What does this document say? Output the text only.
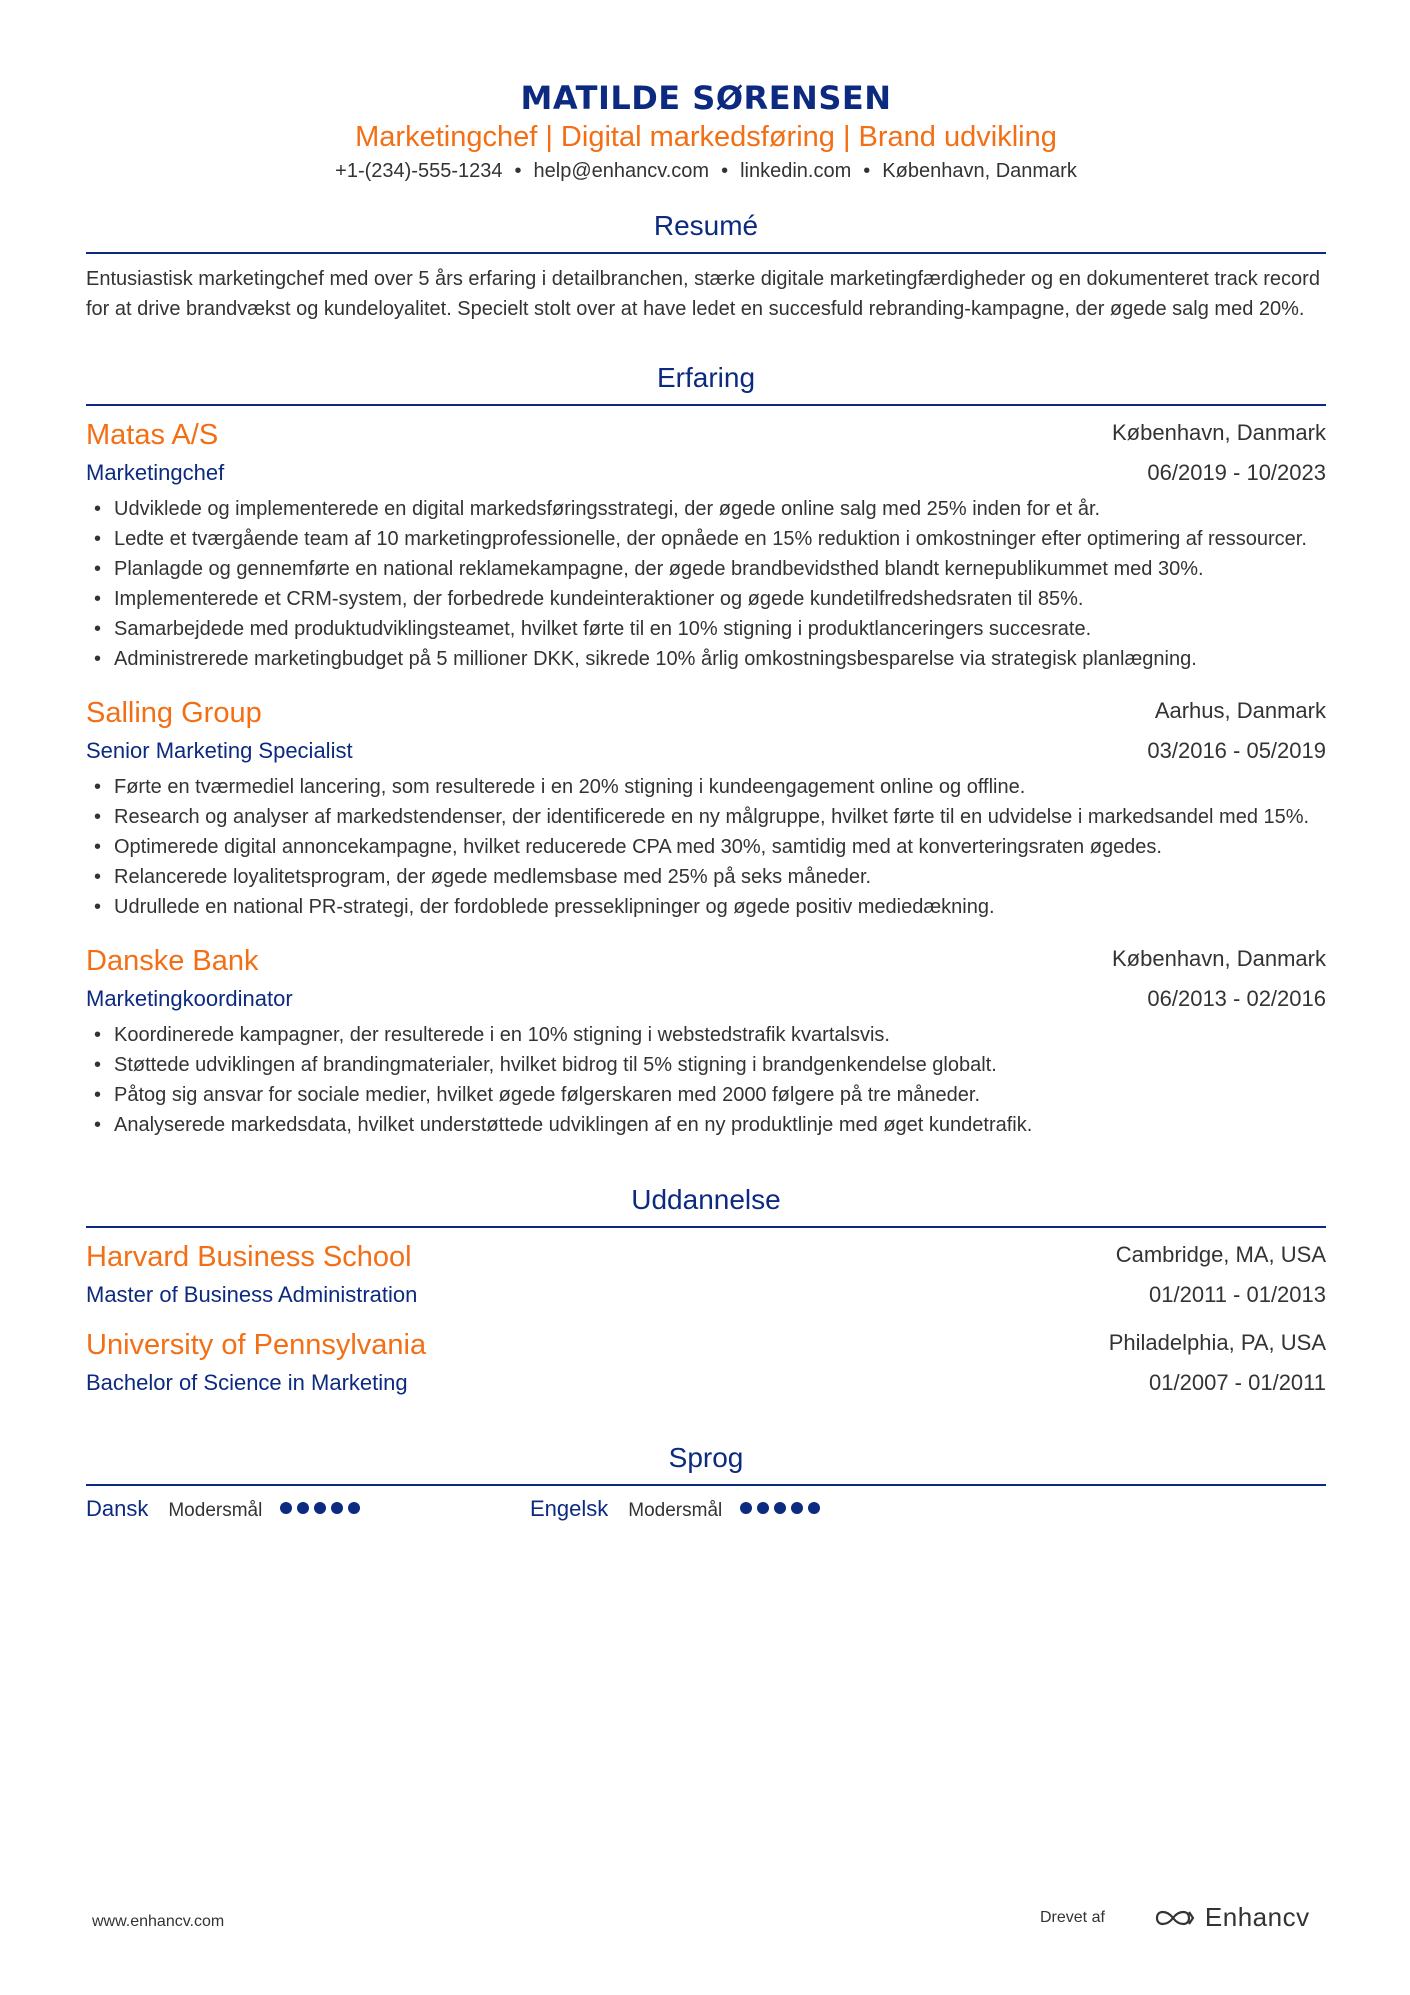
MATILDE SØRENSEN
Marketingchef | Digital markedsføring | Brand udvikling
+1-(234)-555-1234 • help@enhancv.com • linkedin.com • København, Danmark
Resumé
Entusiastisk marketingchef med over 5 års erfaring i detailbranchen, stærke digitale marketingfærdigheder og en dokumenteret track record for at drive brandvækst og kundeloyalitet. Specielt stolt over at have ledet en succesfuld rebranding-kampagne, der øgede salg med 20%.
Erfaring
Matas A/S	København, Danmark
Marketingchef	06/2019 - 10/2023
• Udviklede og implementerede en digital markedsføringsstrategi, der øgede online salg med 25% inden for et år.
• Ledte et tværgående team af 10 marketingprofessionelle, der opnåede en 15% reduktion i omkostninger efter optimering af ressourcer.
• Planlagde og gennemførte en national reklamekampagne, der øgede brandbevidsthed blandt kernepublikummet med 30%.
• Implementerede et CRM-system, der forbedrede kundeinteraktioner og øgede kundetilfredshedsraten til 85%.
• Samarbejdede med produktudviklingsteamet, hvilket førte til en 10% stigning i produktlanceringers succesrate.
• Administrerede marketingbudget på 5 millioner DKK, sikrede 10% årlig omkostningsbesparelse via strategisk planlægning.
Salling Group	Aarhus, Danmark
Senior Marketing Specialist	03/2016 - 05/2019
• Førte en tværmediel lancering, som resulterede i en 20% stigning i kundeengagement online og offline.
• Research og analyser af markedstendenser, der identificerede en ny målgruppe, hvilket førte til en udvidelse i markedsandel med 15%.
• Optimerede digital annoncekampagne, hvilket reducerede CPA med 30%, samtidig med at konverteringsraten øgedes.
• Relancerede loyalitetsprogram, der øgede medlemsbase med 25% på seks måneder.
• Udrullede en national PR-strategi, der fordoblede presseklipninger og øgede positiv mediedækning.
Danske Bank	København, Danmark
Marketingkoordinator	06/2013 - 02/2016
• Koordinerede kampagner, der resulterede i en 10% stigning i webstedstrafik kvartalsvis.
• Støttede udviklingen af brandingmaterialer, hvilket bidrog til 5% stigning i brandgenkendelse globalt.
• Påtog sig ansvar for sociale medier, hvilket øgede følgerskaren med 2000 følgere på tre måneder.
• Analyserede markedsdata, hvilket understøttede udviklingen af en ny produktlinje med øget kundetrafik.
Uddannelse
Harvard Business School	Cambridge, MA, USA
Master of Business Administration	01/2011 - 01/2013
University of Pennsylvania	Philadelphia, PA, USA
Bachelor of Science in Marketing	01/2007 - 01/2011
Sprog
Dansk Modersmål	Engelsk Modersmål
www.enhancv.com	Drevet af	Enhancv
